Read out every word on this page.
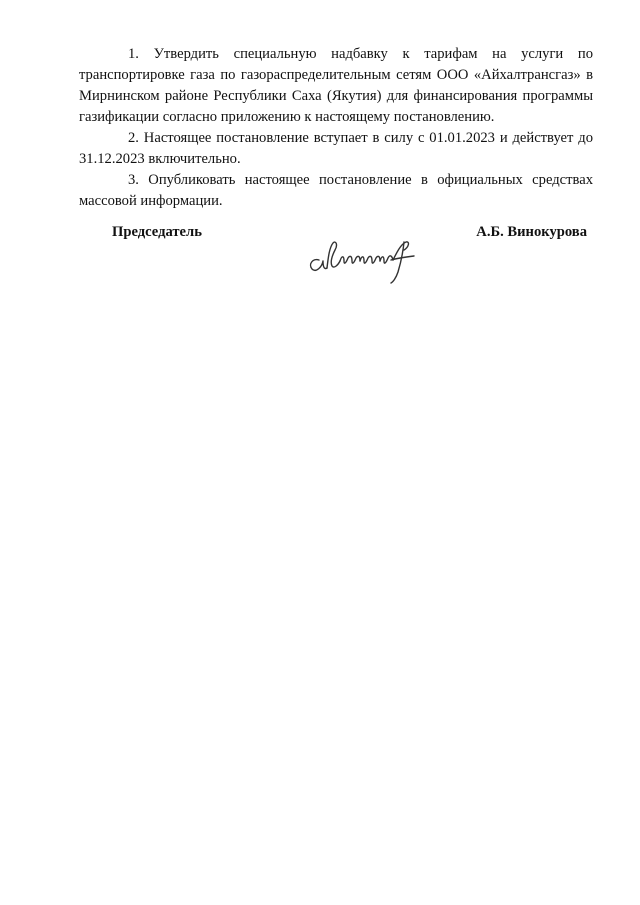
1. Утвердить специальную надбавку к тарифам на услуги по транспортировке газа по газораспределительным сетям ООО «Айхалтрансгаз» в Мирнинском районе Республики Саха (Якутия) для финансирования программы газификации согласно приложению к настоящему постановлению.

2. Настоящее постановление вступает в силу с 01.01.2023 и действует до 31.12.2023 включительно.

3. Опубликовать настоящее постановление в официальных средствах массовой информации.

Председатель	А.Б. Винокурова
